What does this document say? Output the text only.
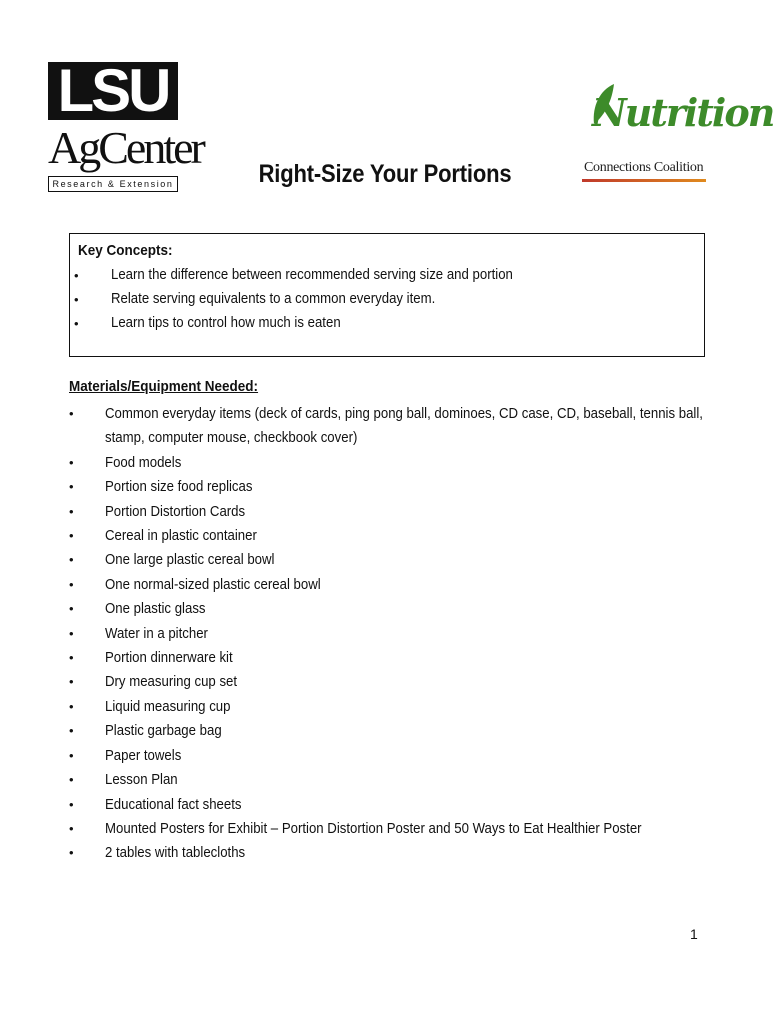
LSU
AgCenter
Research & Extension
Nutrition
Connections Coalition
Right-Size Your Portions
Key Concepts:
• Learn the difference between recommended serving size and portion
• Relate serving equivalents to a common everyday item.
• Learn tips to control how much is eaten
Materials/Equipment Needed:
• Common everyday items (deck of cards, ping pong ball, dominoes, CD case, CD, baseball, tennis ball, stamp, computer mouse, checkbook cover)
• Food models
• Portion size food replicas
• Portion Distortion Cards
• Cereal in plastic container
• One large plastic cereal bowl
• One normal-sized plastic cereal bowl
• One plastic glass
• Water in a pitcher
• Portion dinnerware kit
• Dry measuring cup set
• Liquid measuring cup
• Plastic garbage bag
• Paper towels
• Lesson Plan
• Educational fact sheets
• Mounted Posters for Exhibit – Portion Distortion Poster and 50 Ways to Eat Healthier Poster
• 2 tables with tablecloths
1
